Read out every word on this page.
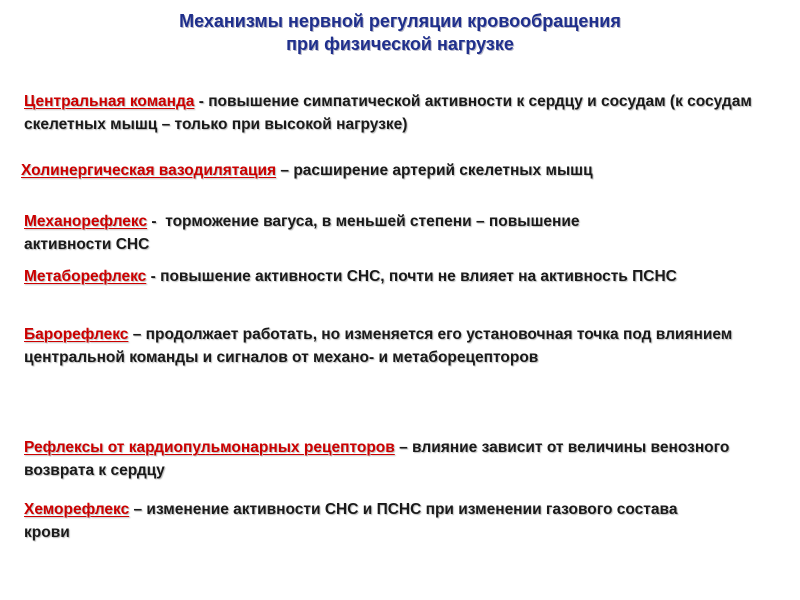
Механизмы нервной регуляции кровообращения
при физической нагрузке
Центральная команда - повышение симпатической активности к сердцу и сосудам (к сосудам скелетных мышц – только при высокой нагрузке)
Холинергическая вазодилятация – расширение артерий скелетных мышц
Механорефлекс -  торможение вагуса, в меньшей степени – повышение активности СНС
Метаборефлекс - повышение активности СНС, почти не влияет на активность ПСНС
Барорефлекс – продолжает работать, но изменяется его установочная точка под влиянием центральной команды и сигналов от механо- и метаборецепторов
Рефлексы от кардиопульмонарных рецепторов – влияние зависит от величины венозного возврата к сердцу
Хеморефлекс – изменение активности СНС и ПСНС при изменении газового состава крови
